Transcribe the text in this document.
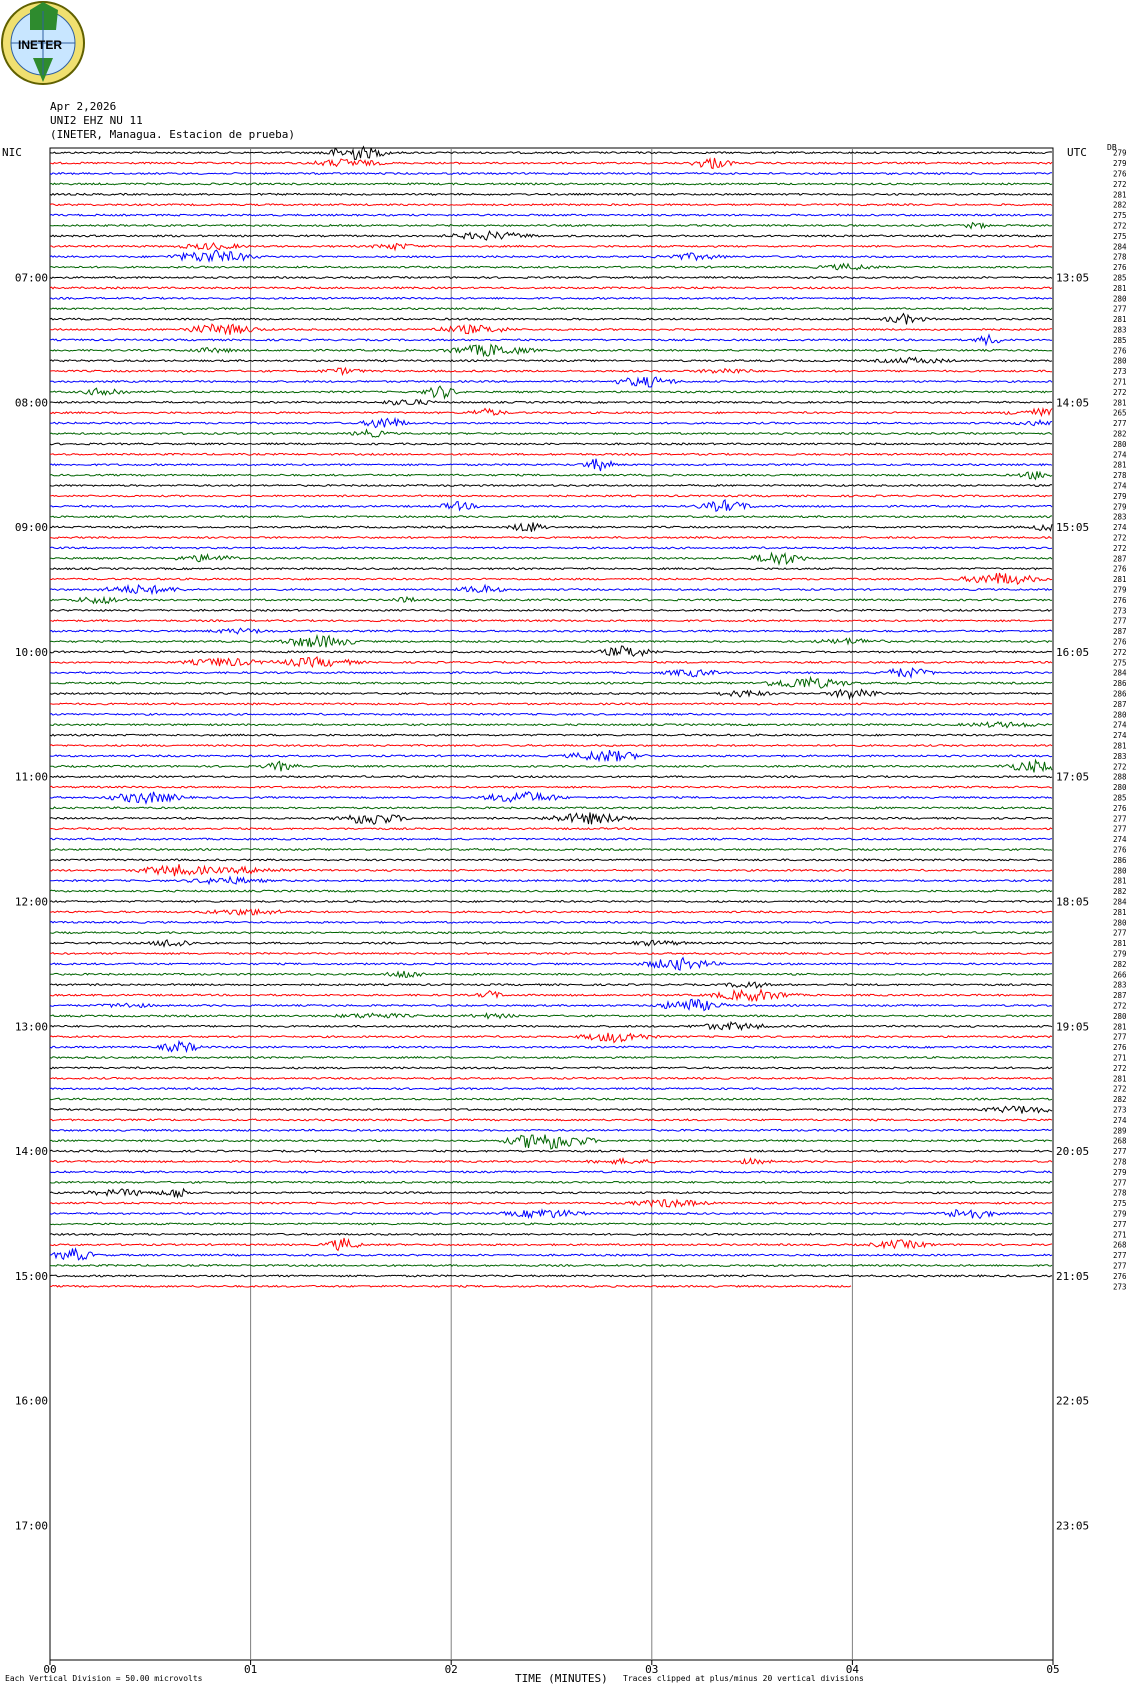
INETER
Apr 2,2026
UNI2 EHZ NU 11
(INETER, Managua. Estacion de prueba)
NIC	UTC	DB
00	01	02	03	04	05
07:00	13:05
08:00	14:05
09:00	15:05
10:00	16:05
11:00	17:05
12:00	18:05
13:00	19:05
14:00	20:05
15:00	21:05
16:00	22:05
17:00	23:05
279
279
276
272
281
282
275
272
275
284
278
276
285
281
280
277
281
283
285
276
280
273
271
272
281
265
277
282
280
274
281
278
274
279
279
283
274
272
272
287
276
281
279
276
273
277
287
276
272
275
284
286
286
287
280
274
274
281
283
272
288
280
285
276
277
277
274
276
286
280
281
282
284
281
280
277
281
279
282
266
283
287
272
280
281
277
276
271
272
281
272
282
273
274
289
268
277
278
279
277
278
275
279
277
271
268
277
277
276
273
Each Vertical Division = 50.00 microvolts	TIME (MINUTES) Traces clipped at plus/minus 20 vertical divisions
